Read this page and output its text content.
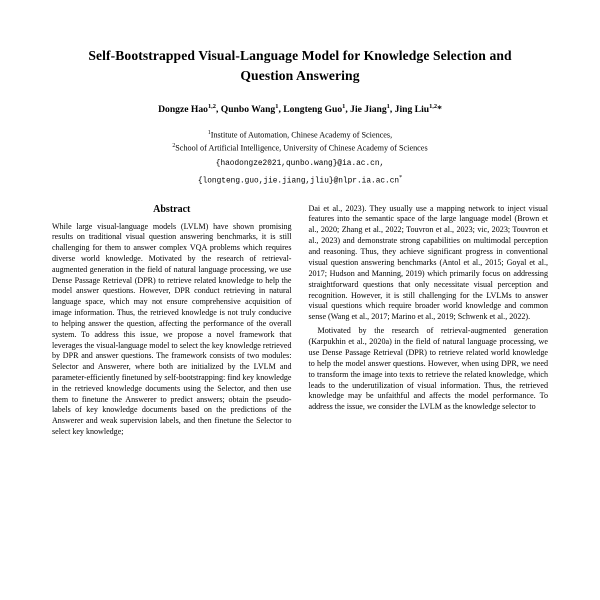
Self-Bootstrapped Visual-Language Model for Knowledge Selection and Question Answering
Dongze Hao$^{1,2}$, Qunbo Wang$^1$, Longteng Guo$^1$, Jie Jiang$^1$, Jing Liu$^{1,2}$*
$^1$Institute of Automation, Chinese Academy of Sciences,
$^2$School of Artificial Intelligence, University of Chinese Academy of Sciences
{haodongze2021,qunbo.wang}@ia.ac.cn,
{longteng.guo,jie.jiang,jliu}@nlpr.ia.ac.cn*
Abstract

While large visual-language models (LVLM) have shown promising results on traditional visual question answering benchmarks, it is still challenging for them to answer complex VQA problems which requires diverse world knowledge. Motivated by the research of retrieval-augmented generation in the field of natural language processing, we use Dense Passage Retrieval (DPR) to retrieve related knowledge to help the model answer questions. However, DPR conduct retrieving in natural language space, which may not ensure comprehensive acquisition of image information. Thus, the retrieved knowledge is not truly conducive to helping answer the question, affecting the performance of the overall system. To address this issue, we propose a novel framework that leverages the visual-language model to select the key knowledge retrieved by DPR and answer questions. The framework consists of two modules: Selector and Answerer, where both are initialized by the LVLM and parameter-efficiently finetuned by self-bootstrapping: find key knowledge in the retrieved knowledge documents using the Selector, and then use them to finetune the Answerer to predict answers; obtain the pseudo-labels of key knowledge documents based on the predictions of the Answerer and weak supervision labels, and then finetune the Selector to select key knowledge;

Dai et al., 2023). They usually use a mapping network to inject visual features into the semantic space of the large language model (Brown et al., 2020; Zhang et al., 2022; Touvron et al., 2023; vic, 2023; Touvron et al., 2023) and demonstrate strong capabilities on multimodal perception and reasoning. Thus, they achieve significant progress in conventional visual question answering benchmarks (Antol et al., 2015; Goyal et al., 2017; Hudson and Manning, 2019) which primarily focus on addressing straightforward questions that only necessitate visual perception and recognition. However, it is still challenging for the LVLMs to answer visual questions which require broader world knowledge and common sense (Wang et al., 2017; Marino et al., 2019; Schwenk et al., 2022).

Motivated by the research of retrieval-augmented generation (Karpukhin et al., 2020a) in the field of natural language processing, we use Dense Passage Retrieval (DPR) to retrieve related world knowledge to help the model answer questions. However, when using DPR, we need to transform the image into texts to retrieve the related knowledge, which leads to the underutilization of visual information. Thus, the retrieved knowledge may be unfaithful and affects the model performance. To address the issue, we consider the LVLM as the knowledge selector to
